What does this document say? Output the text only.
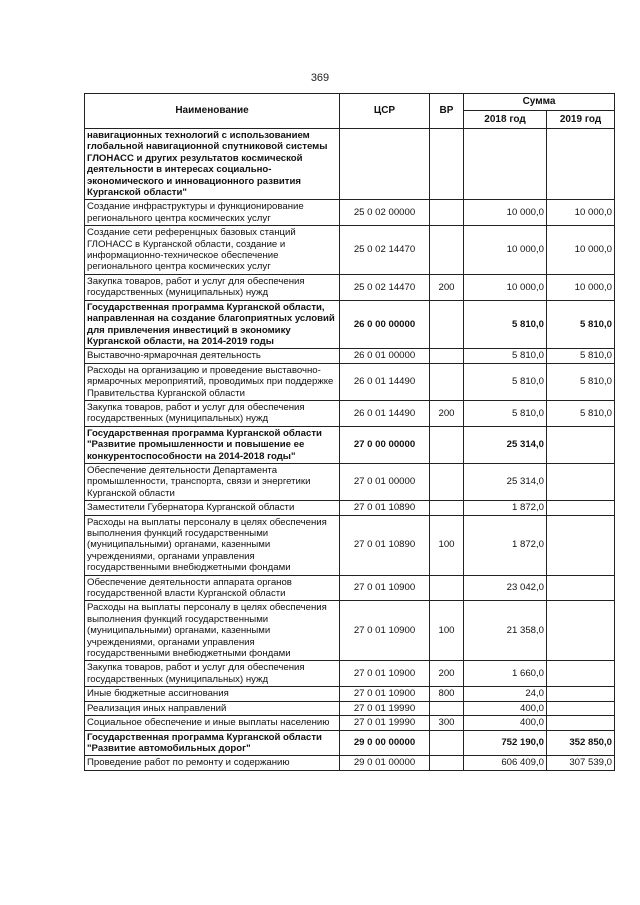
369
Наименование	ЦСР	ВР	Сумма	
			2018 год	2019 год
навигационных технологий с использованием глобальной навигационной спутниковой системы ГЛОНАСС и других результатов космической деятельности в интересах социально-экономического и инновационного развития Курганской области"				
Создание инфраструктуры и функционирование регионального центра космических услуг	25 0 02 00000		10 000,0	10 000,0
Создание сети референцных базовых станций ГЛОНАСС в Курганской области, создание и информационно-техническое обеспечение регионального центра космических услуг	25 0 02 14470		10 000,0	10 000,0
Закупка товаров, работ и услуг для обеспечения государственных (муниципальных) нужд	25 0 02 14470	200	10 000,0	10 000,0
Государственная программа Курганской области, направленная на создание благоприятных условий для привлечения инвестиций в экономику Курганской области, на 2014-2019 годы	26 0 00 00000		5 810,0	5 810,0
Выставочно-ярмарочная деятельность	26 0 01 00000		5 810,0	5 810,0
Расходы на организацию и проведение выставочно-ярмарочных мероприятий, проводимых при поддержке Правительства Курганской области	26 0 01 14490		5 810,0	5 810,0
Закупка товаров, работ и услуг для обеспечения государственных (муниципальных) нужд	26 0 01 14490	200	5 810,0	5 810,0
Государственная программа Курганской области "Развитие промышленности и повышение ее конкурентоспособности на 2014-2018 годы"	27 0 00 00000		25 314,0	
Обеспечение деятельности Департамента промышленности, транспорта, связи и энергетики Курганской области	27 0 01 00000		25 314,0	
Заместители Губернатора Курганской области	27 0 01 10890		1 872,0	
Расходы на выплаты персоналу в целях обеспечения выполнения функций государственными (муниципальными) органами, казенными учреждениями, органами управления государственными внебюджетными фондами	27 0 01 10890	100	1 872,0	
Обеспечение деятельности аппарата органов государственной власти Курганской области	27 0 01 10900		23 042,0	
Расходы на выплаты персоналу в целях обеспечения выполнения функций государственными (муниципальными) органами, казенными учреждениями, органами управления государственными внебюджетными фондами	27 0 01 10900	100	21 358,0	
Закупка товаров, работ и услуг для обеспечения государственных (муниципальных) нужд	27 0 01 10900	200	1 660,0	
Иные бюджетные ассигнования	27 0 01 10900	800	24,0	
Реализация иных направлений	27 0 01 19990		400,0	
Социальное обеспечение и иные выплаты населению	27 0 01 19990	300	400,0	
Государственная программа Курганской области "Развитие автомобильных дорог"	29 0 00 00000		752 190,0	352 850,0
Проведение работ по ремонту и содержанию	29 0 01 00000		606 409,0	307 539,0
